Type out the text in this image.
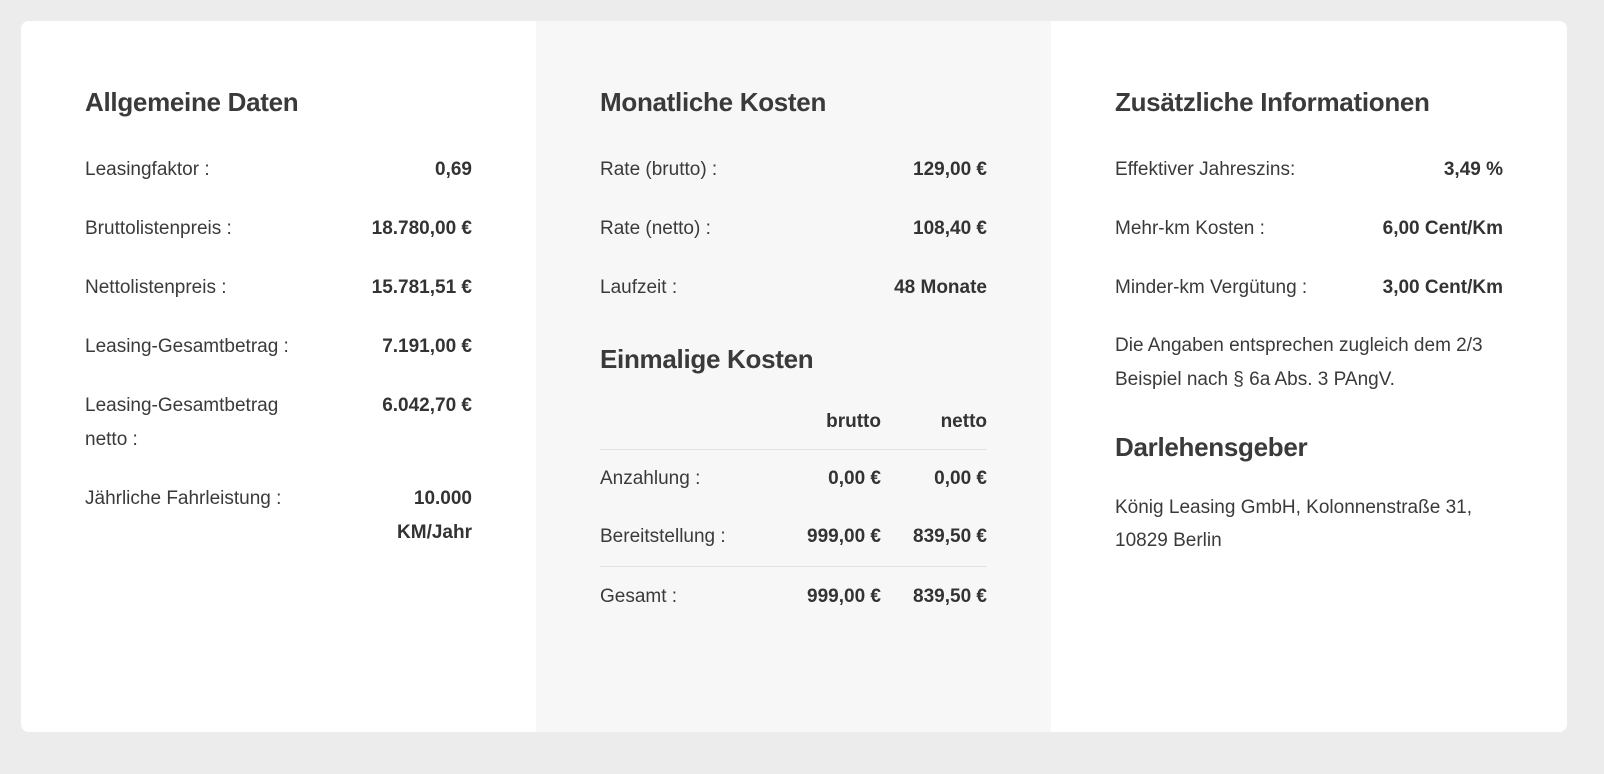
Allgemeine Daten
Leasingfaktor :	0,69
Bruttolistenpreis :	18.780,00 €
Nettolistenpreis :	15.781,51 €
Leasing-Gesamtbetrag :	7.191,00 €
Leasing-Gesamtbetrag netto :
6.042,70 €
Jährliche Fahrleistung :	10.000 KM/Jahr
Monatliche Kosten
Rate (brutto) :	129,00 €
Rate (netto) :	108,40 €
Laufzeit :	48 Monate
Einmalige Kosten
brutto	netto
Anzahlung :	0,00 €	0,00 €
Bereitstellung :	999,00 €	839,50 €
Gesamt :	999,00 €	839,50 €
Zusätzliche Informationen
Effektiver Jahreszins:	3,49 %
Mehr-km Kosten :	6,00 Cent/Km
Minder-km Vergütung :	3,00 Cent/Km
Die Angaben entsprechen zugleich dem 2/3 Beispiel nach § 6a Abs. 3 PAngV.
Darlehensgeber
König Leasing GmbH, Kolonnenstraße 31, 10829 Berlin
